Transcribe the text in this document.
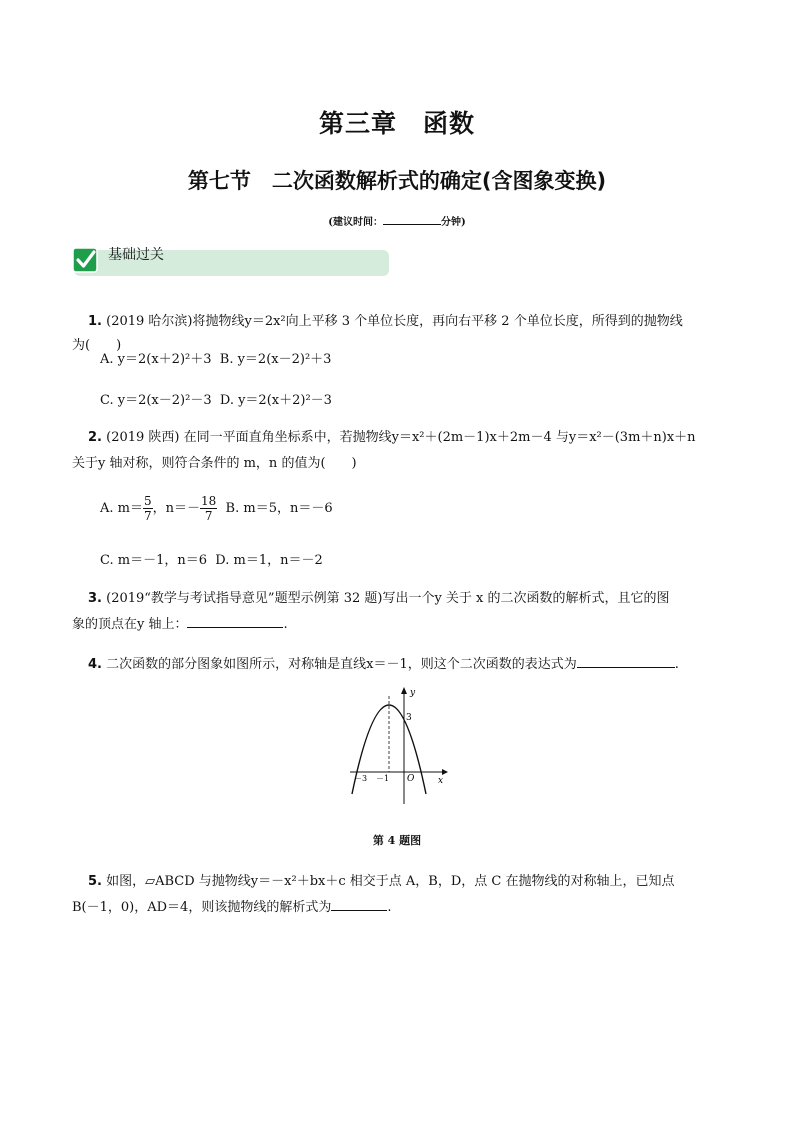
第三章　函数
第七节　二次函数解析式的确定(含图象变换)
(建议时间：	分钟)
基础过关
1. (2019 哈尔滨)将抛物线y＝2x²向上平移 3 个单位长度，再向右平移 2 个单位长度，所得到的抛物线
为(　　)
A. y＝2(x＋2)²＋3 B. y＝2(x－2)²＋3
C. y＝2(x－2)²－3 D. y＝2(x＋2)²－3
2. (2019 陕西) 在同一平面直角坐标系中，若抛物线y＝x²＋(2m－1)x＋2m－4 与y＝x²－(3m＋n)x＋n
关于y 轴对称，则符合条件的 m，n 的值为(　　)
A. $m= \frac{5}{7}$ ，$n=- \frac{18}{7} B$. m＝5，n＝－6
C. m＝－1，n＝6 D. m＝1，n＝－2
3. (2019“教学与考试指导意见”题型示例第 32 题)写出一个y 关于 x 的二次函数的解析式，且它的图
象的顶点在y 轴上：	.
4. 二次函数的部分图象如图所示，对称轴是直线x＝－1，则这个二次函数的表达式为	.
y
x
3
－3 －1 O
第 4 题图
5. 如图，▱ABCD 与抛物线y＝－x²＋bx＋c 相交于点 A，B，D，点 C 在抛物线的对称轴上，已知点
B(－1，0)，AD＝4，则该抛物线的解析式为	.
